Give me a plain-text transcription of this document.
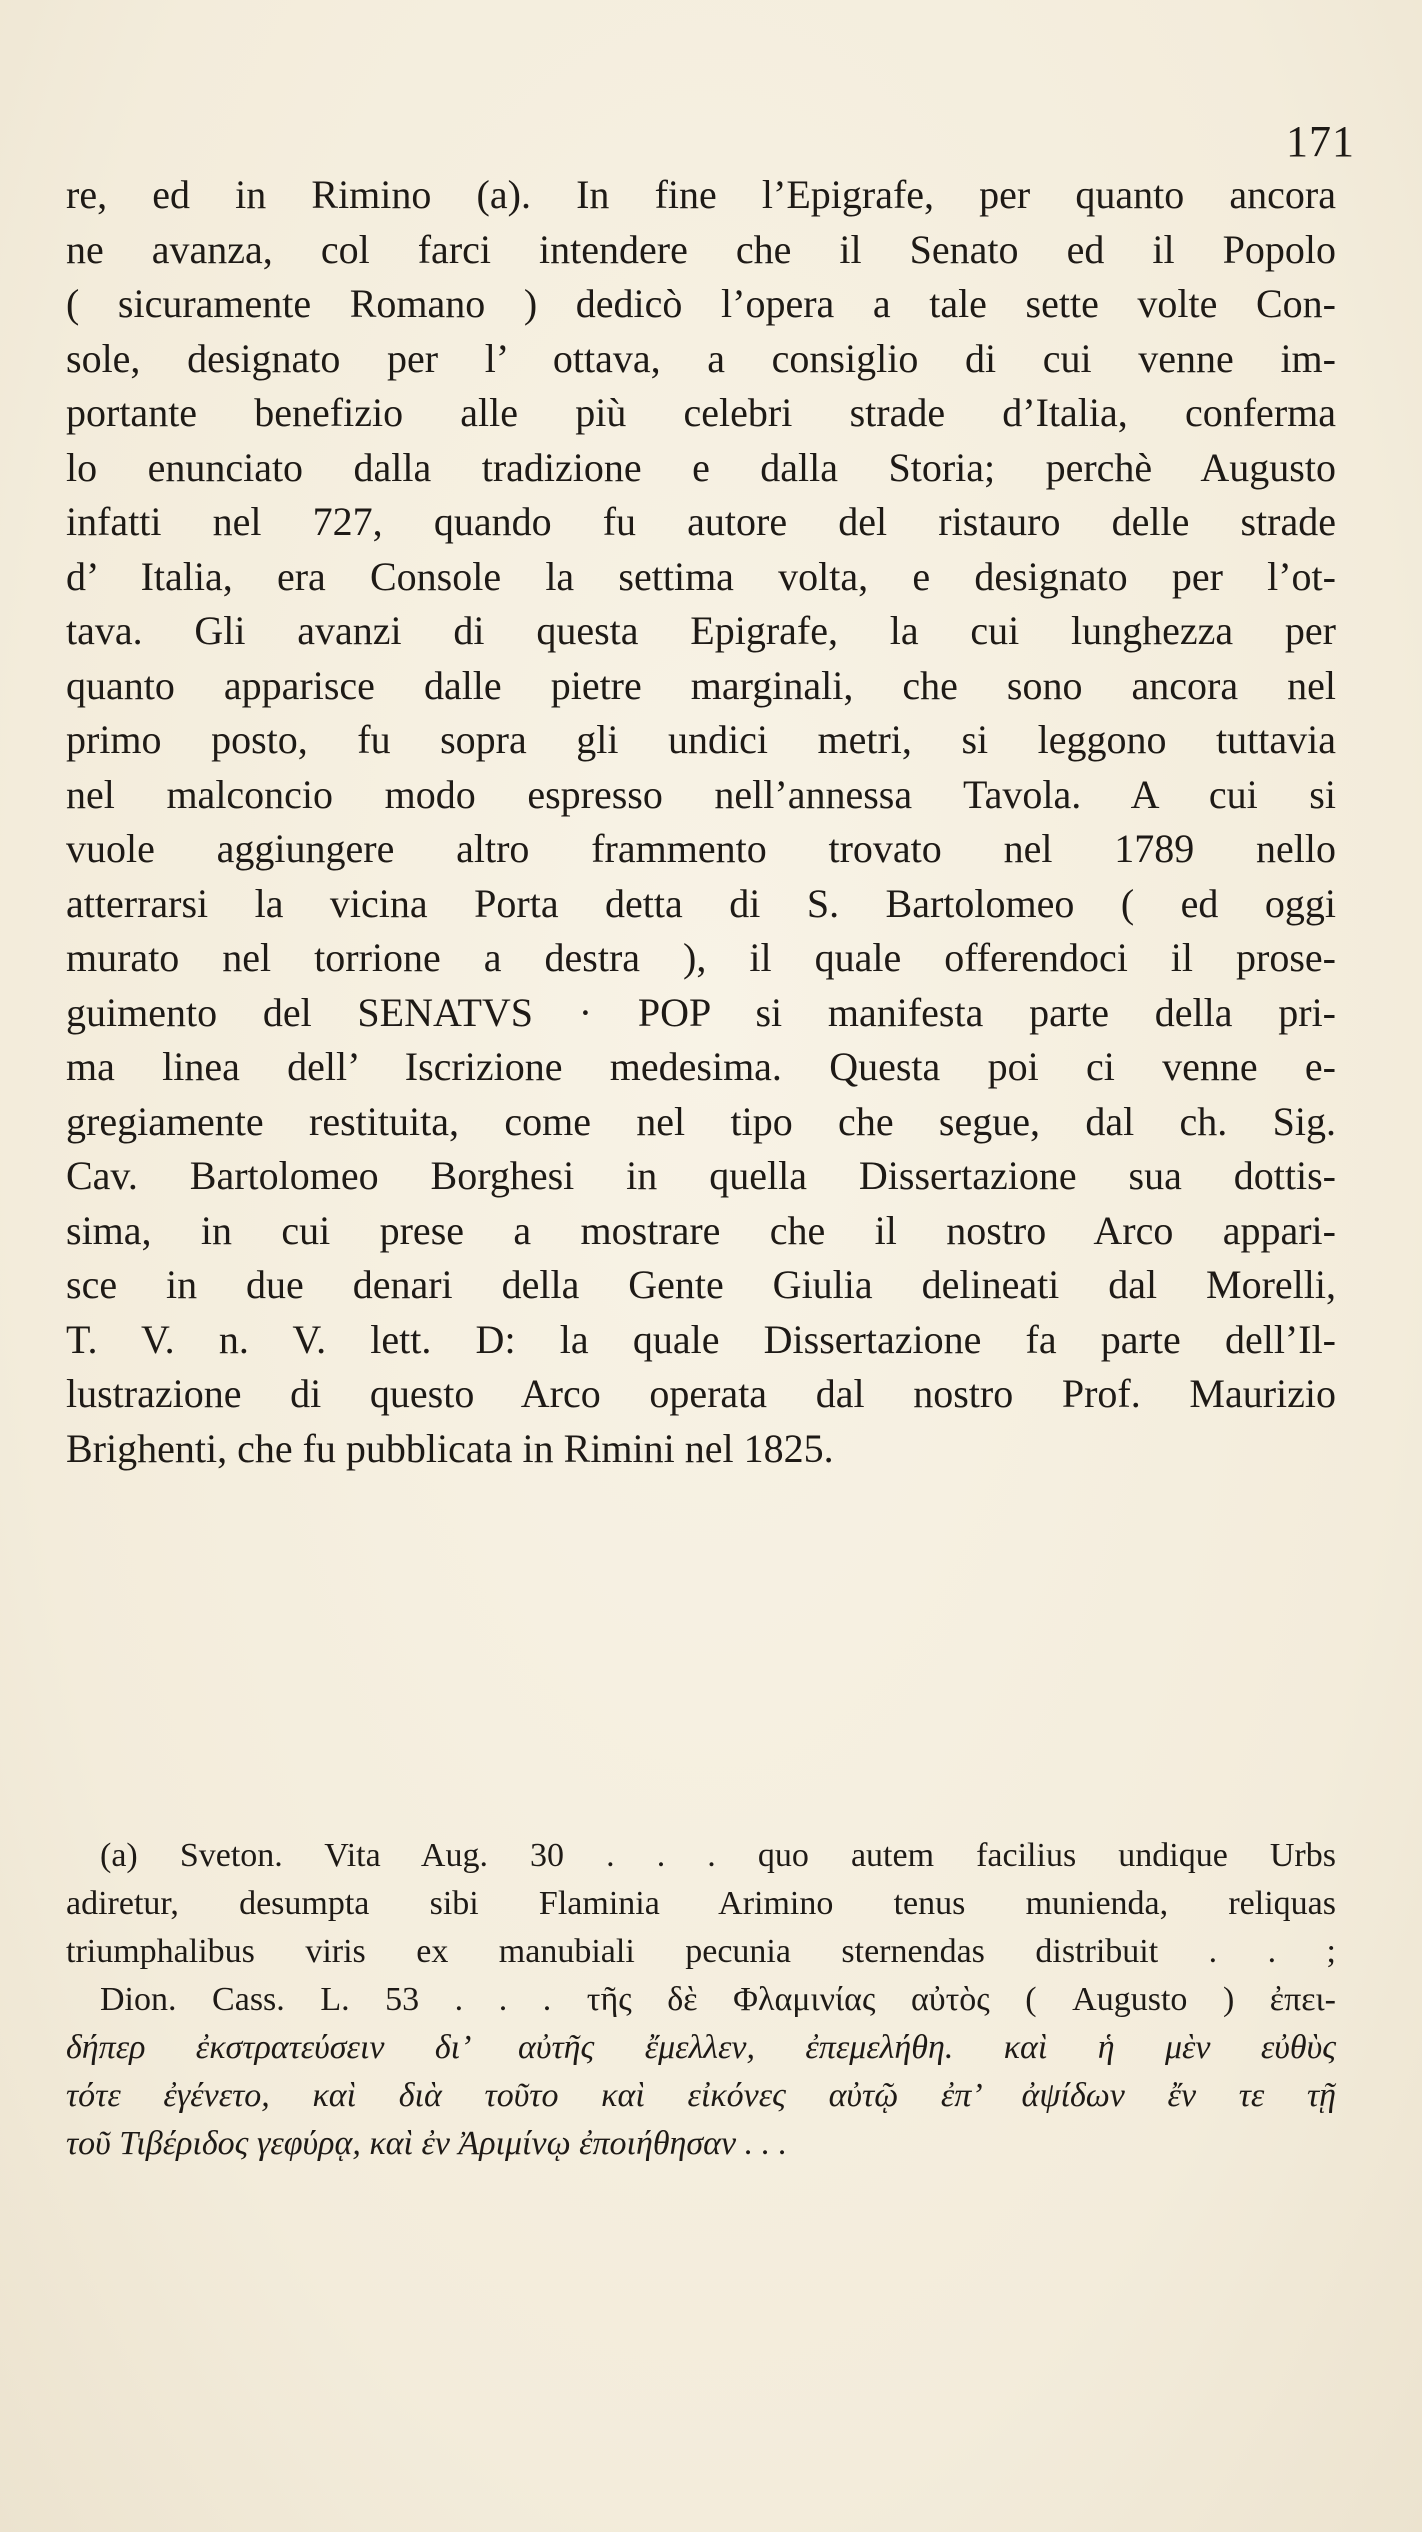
171
re, ed in Rimino (a). In fine l’Epigrafe, per quanto ancora
ne avanza, col farci intendere che il Senato ed il Popolo
( sicuramente Romano ) dedicò l’opera a tale sette volte Con-
sole, designato per l’ ottava, a consiglio di cui venne im-
portante benefizio alle più celebri strade d’Italia, conferma
lo enunciato dalla tradizione e dalla Storia; perchè Augusto
infatti nel 727, quando fu autore del ristauro delle strade
d’ Italia, era Console la settima volta, e designato per l’ot-
tava. Gli avanzi di questa Epigrafe, la cui lunghezza per
quanto apparisce dalle pietre marginali, che sono ancora nel
primo posto, fu sopra gli undici metri, si leggono tuttavia
nel malconcio modo espresso nell’annessa Tavola. A cui si
vuole aggiungere altro frammento trovato nel 1789 nello
atterrarsi la vicina Porta detta di S. Bartolomeo ( ed oggi
murato nel torrione a destra ), il quale offerendoci il prose-
guimento del SENATVS · POP si manifesta parte della pri-
ma linea dell’ Iscrizione medesima. Questa poi ci venne e-
gregiamente restituita, come nel tipo che segue, dal ch. Sig.
Cav. Bartolomeo Borghesi in quella Dissertazione sua dottis-
sima, in cui prese a mostrare che il nostro Arco appari-
sce in due denari della Gente Giulia delineati dal Morelli,
T. V. n. V. lett. D: la quale Dissertazione fa parte dell’Il-
lustrazione di questo Arco operata dal nostro Prof. Maurizio
Brighenti, che fu pubblicata in Rimini nel 1825.
(a) Sveton. Vita Aug. 30 . . . quo autem facilius undique Urbs
adiretur, desumpta sibi Flaminia Arimino tenus munienda, reliquas
triumphalibus viris ex manubiali pecunia sternendas distribuit . . ;
Dion. Cass. L. 53 . . . τῆς δὲ Φλαμινίας αὐτὸς ( Augusto ) ἐπει-
δήπερ ἐκστρατεύσειν δι’ αὐτῆς ἔμελλεν, ἐπεμελήθη. καὶ ἡ μὲν εὐθὺς
τότε ἐγένετο, καὶ διὰ τοῦτο καὶ εἰκόνες αὐτῷ ἐπ’ ἀψίδων ἔν τε τῇ
τοῦ Τιβέριδος γεφύρᾳ, καὶ ἐν Ἀριμίνῳ ἐποιήθησαν . . .
